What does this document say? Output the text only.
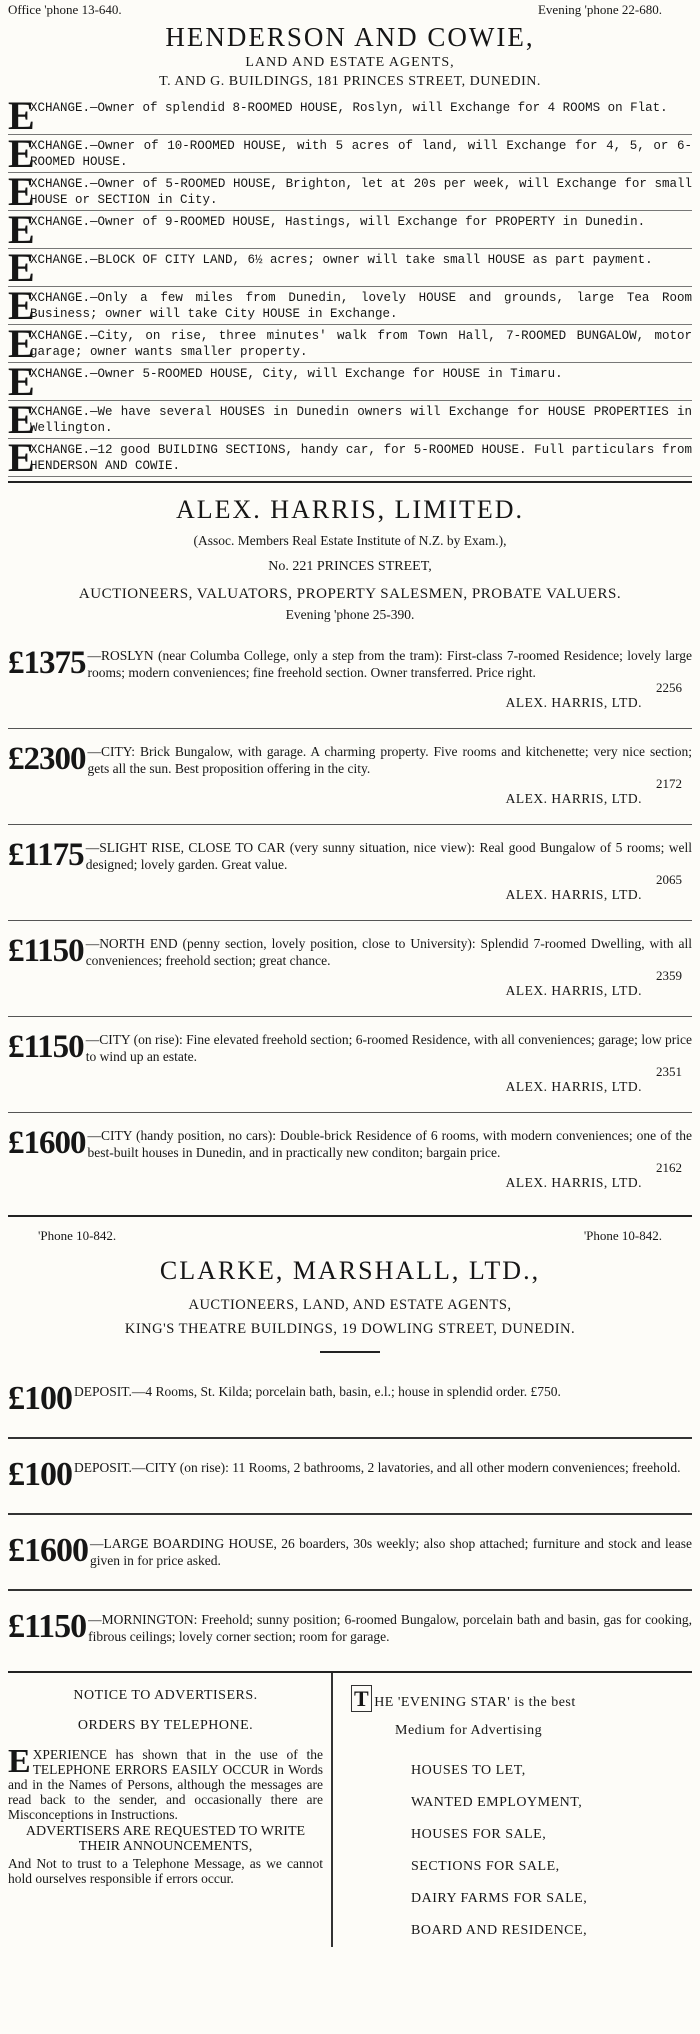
Office 'phone 13-640.	Evening 'phone 22-680.
HENDERSON AND COWIE,
LAND AND ESTATE AGENTS,
T. AND G. BUILDINGS, 181 PRINCES STREET, DUNEDIN.
E
XCHANGE.—Owner of splendid 8-ROOMED HOUSE, Roslyn, will Exchange for 4 ROOMS on Flat.
E
XCHANGE.—Owner of 10-ROOMED HOUSE, with 5 acres of land, will Exchange for 4, 5, or 6-ROOMED HOUSE.
E
XCHANGE.—Owner of 5-ROOMED HOUSE, Brighton, let at 20s per week, will Exchange for small HOUSE or SECTION in City.
E
XCHANGE.—Owner of 9-ROOMED HOUSE, Hastings, will Exchange for PROPERTY in Dunedin.
E
XCHANGE.—BLOCK OF CITY LAND, 6½ acres; owner will take small HOUSE as part payment.
E
XCHANGE.—Only a few miles from Dunedin, lovely HOUSE and grounds, large Tea Room Business; owner will take City HOUSE in Exchange.
E
XCHANGE.—City, on rise, three minutes' walk from Town Hall, 7-ROOMED BUNGALOW, motor garage; owner wants smaller property.
E
XCHANGE.—Owner 5-ROOMED HOUSE, City, will Exchange for HOUSE in Timaru.
E
XCHANGE.—We have several HOUSES in Dunedin owners will Exchange for HOUSE PROPERTIES in Wellington.
E
XCHANGE.—12 good BUILDING SECTIONS, handy car, for 5-ROOMED HOUSE. Full particulars from HENDERSON AND COWIE.
ALEX. HARRIS, LIMITED.
(Assoc. Members Real Estate Institute of N.Z. by Exam.),
No. 221 PRINCES STREET,
AUCTIONEERS, VALUATORS, PROPERTY SALESMEN, PROBATE VALUERS.
Evening 'phone 25-390.
£1375 —ROSLYN (near Columba College, only a step from the tram): First-class 7-roomed Residence; lovely large rooms; modern conveniences; fine freehold section. Owner transferred. Price right.
2256
ALEX. HARRIS, LTD.
£2300 —CITY: Brick Bungalow, with garage. A charming property. Five rooms and kitchenette; very nice section; gets all the sun. Best proposition offering in the city.
2172
ALEX. HARRIS, LTD.
£1175 —SLIGHT RISE, CLOSE TO CAR (very sunny situation, nice view): Real good Bungalow of 5 rooms; well designed; lovely garden. Great value.
2065
ALEX. HARRIS, LTD.
£1150 —NORTH END (penny section, lovely position, close to University): Splendid 7-roomed Dwelling, with all conveniences; freehold section; great chance.
2359
ALEX. HARRIS, LTD.
£1150 —CITY (on rise): Fine elevated freehold section; 6-roomed Residence, with all conveniences; garage; low price to wind up an estate.
2351
ALEX. HARRIS, LTD.
£1600 —CITY (handy position, no cars): Double-brick Residence of 6 rooms, with modern conveniences; one of the best-built houses in Dunedin, and in practically new conditon; bargain price.
2162
ALEX. HARRIS, LTD.
'Phone 10-842.	'Phone 10-842.
CLARKE, MARSHALL, LTD.,
AUCTIONEERS, LAND, AND ESTATE AGENTS,
KING'S THEATRE BUILDINGS, 19 DOWLING STREET, DUNEDIN.
£100 DEPOSIT.—4 Rooms, St. Kilda; porcelain bath, basin, e.l.; house in splendid order. £750.
£100 DEPOSIT.—CITY (on rise): 11 Rooms, 2 bathrooms, 2 lavatories, and all other modern conveniences; freehold.
£1600 —LARGE BOARDING HOUSE, 26 boarders, 30s weekly; also shop attached; furniture and stock and lease given in for price asked.
£1150 —MORNINGTON: Freehold; sunny position; 6-roomed Bungalow, porcelain bath and basin, gas for cooking, fibrous ceilings; lovely corner section; room for garage.
NOTICE TO ADVERTISERS.
ORDERS BY TELEPHONE.
EXPERIENCE has shown that in the use of the TELEPHONE ERRORS EASILY OCCUR in Words and in the Names of Persons, although the messages are read back to the sender, and occasionally there are Misconceptions in Instructions.
ADVERTISERS ARE REQUESTED TO WRITE THEIR ANNOUNCEMENTS,
And Not to trust to a Telephone Message, as we cannot hold ourselves responsible if errors occur.
T HE 'EVENING STAR' is the best
Medium for Advertising
HOUSES TO LET,
WANTED EMPLOYMENT,
HOUSES FOR SALE,
SECTIONS FOR SALE,
DAIRY FARMS FOR SALE,
BOARD AND RESIDENCE,
